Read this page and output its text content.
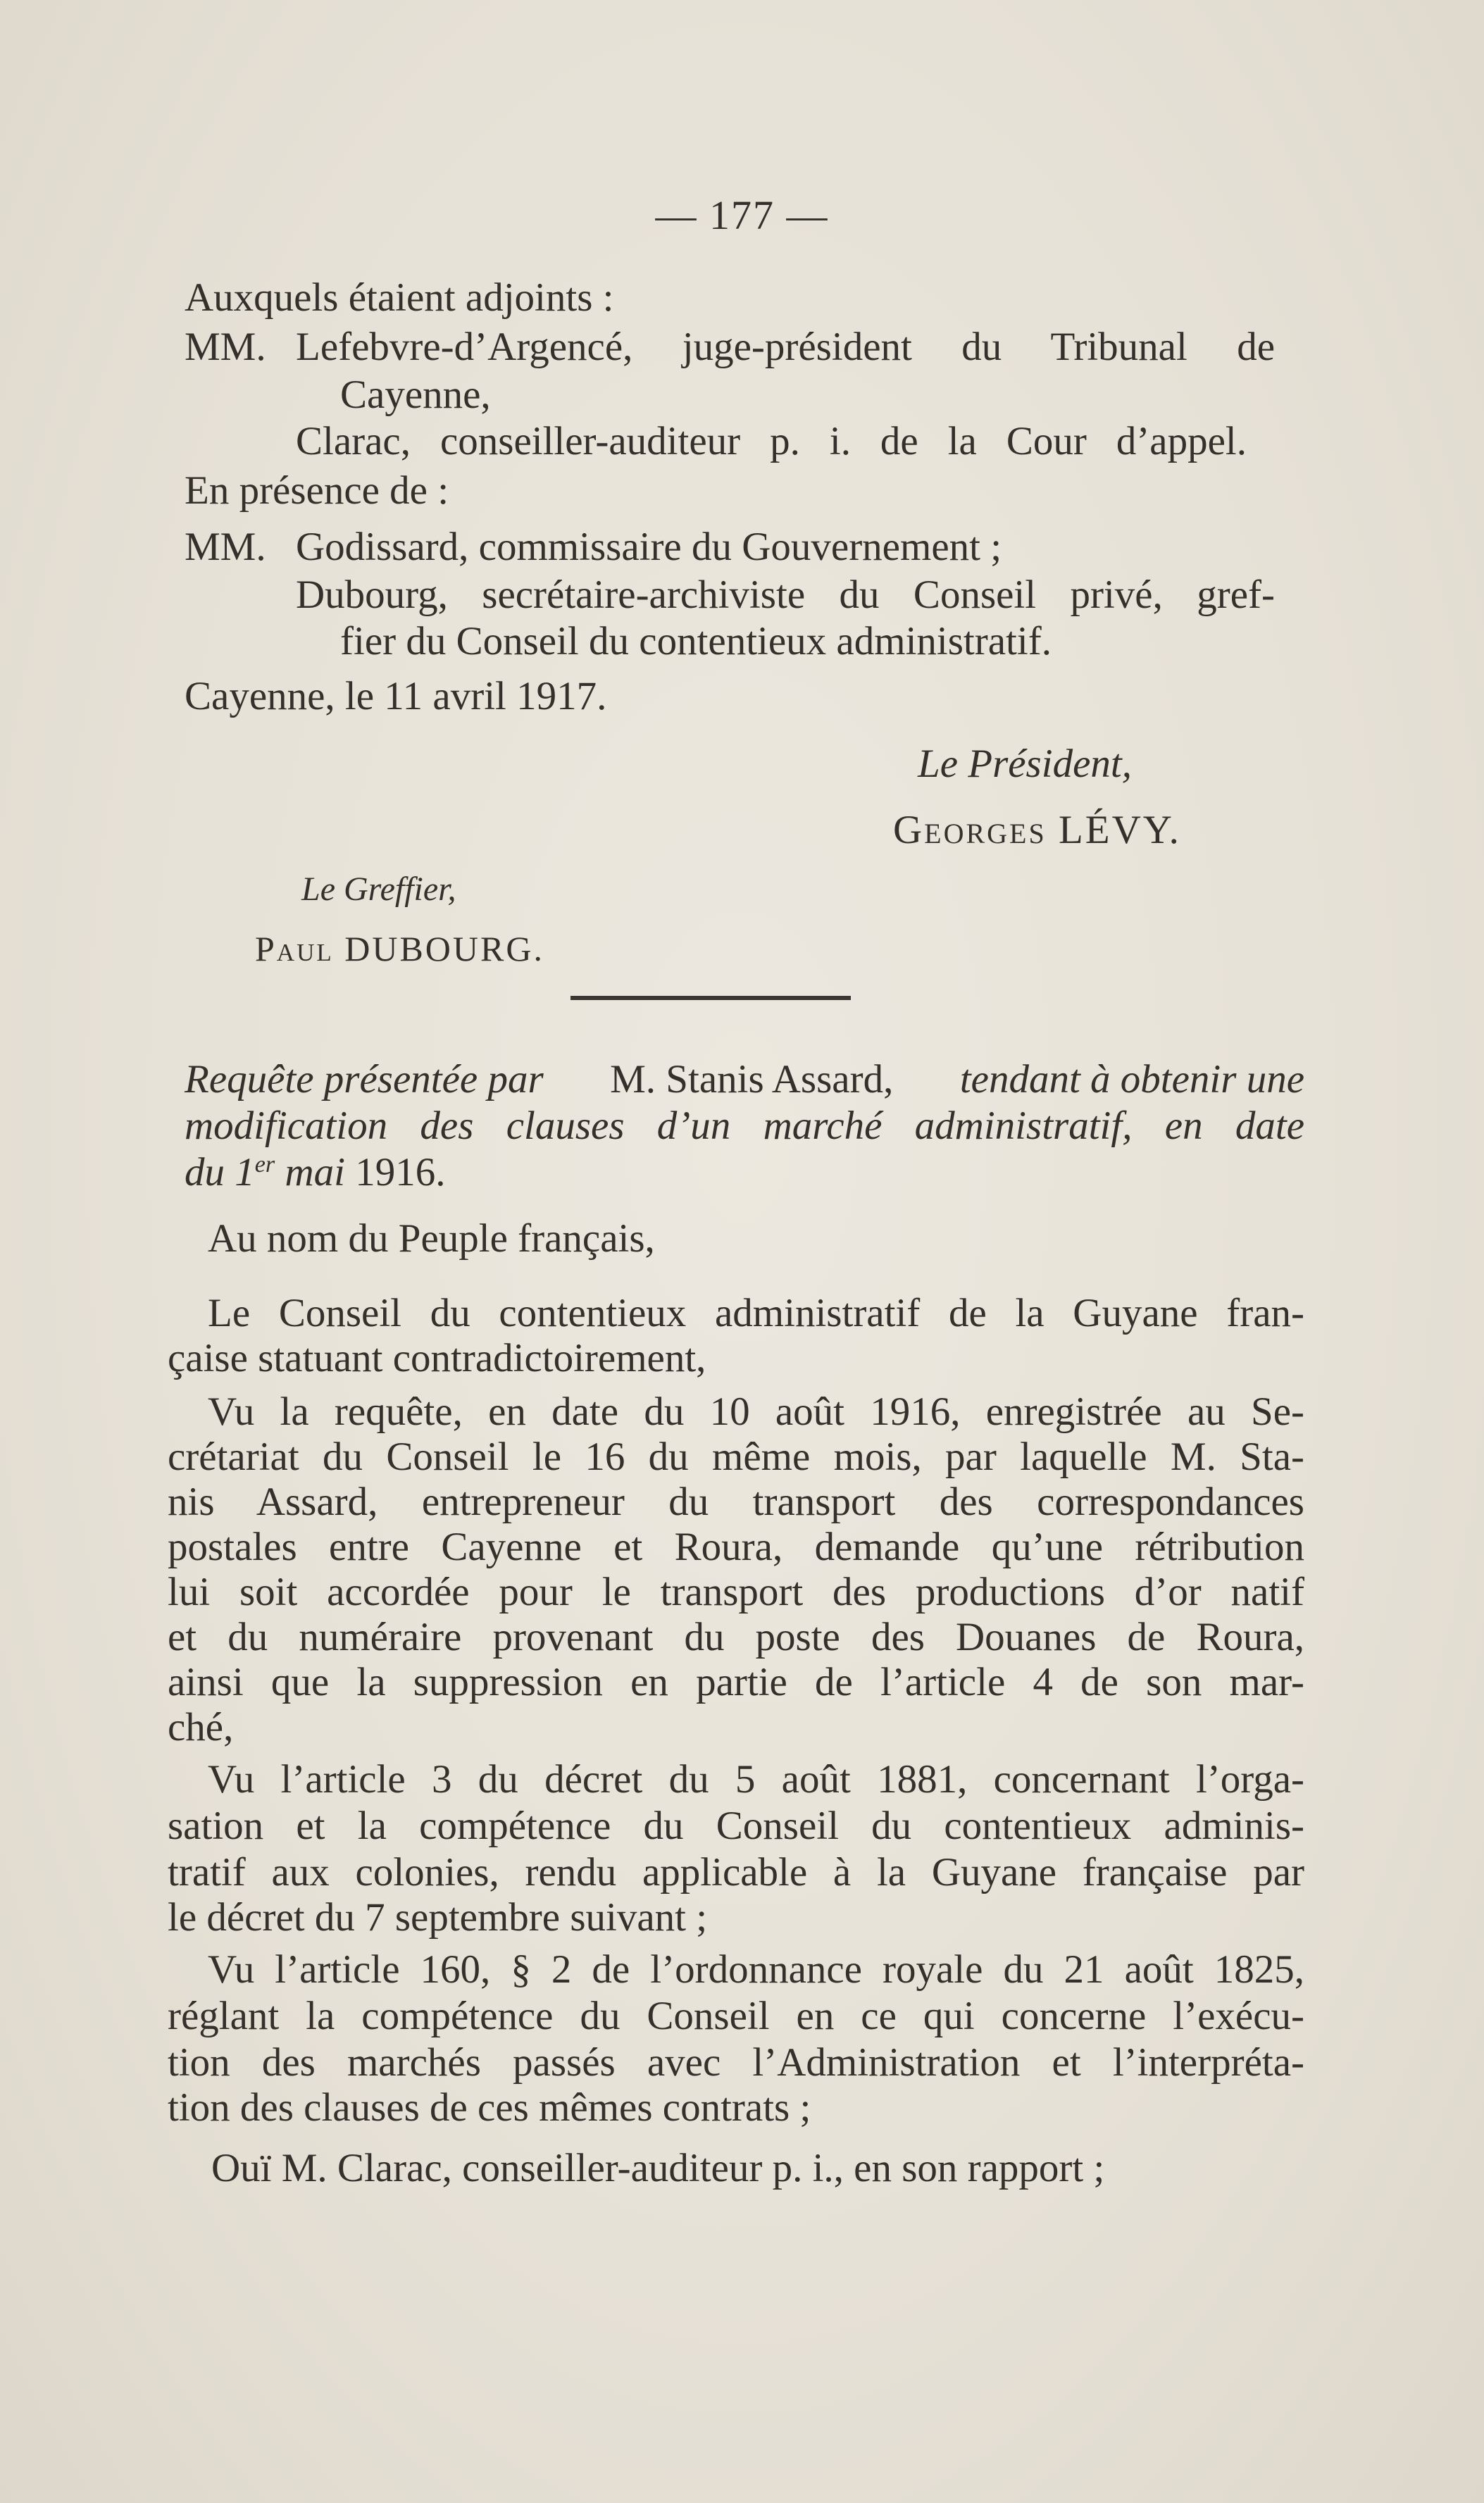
— 177 —
Auxquels étaient adjoints :
MM. Lefebvre-d’Argencé, juge-président du Tribunal de
Cayenne,
Clarac, conseiller-auditeur p. i. de la Cour d’appel.
En présence de :
MM. Godissard, commissaire du Gouvernement ;
Dubourg, secrétaire-archiviste du Conseil privé, gref-
fier du Conseil du contentieux administratif.
Cayenne, le 11 avril 1917.
Le Président,
Georges LÉVY.
Le Greffier,
Paul DUBOURG.
Requête présentée par M. Stanis Assard, tendant à obtenir une
modification des clauses d’un marché administratif, en date
du 1er mai 1916.
Au nom du Peuple français,
Le Conseil du contentieux administratif de la Guyane fran-
çaise statuant contradictoirement,
Vu la requête, en date du 10 août 1916, enregistrée au Se-
crétariat du Conseil le 16 du même mois, par laquelle M. Sta-
nis Assard, entrepreneur du transport des correspondances
postales entre Cayenne et Roura, demande qu’une rétribution
lui soit accordée pour le transport des productions d’or natif
et du numéraire provenant du poste des Douanes de Roura,
ainsi que la suppression en partie de l’article 4 de son mar-
ché,
Vu l’article 3 du décret du 5 août 1881, concernant l’orga-
sation et la compétence du Conseil du contentieux adminis-
tratif aux colonies, rendu applicable à la Guyane française par
le décret du 7 septembre suivant ;
Vu l’article 160, § 2 de l’ordonnance royale du 21 août 1825,
réglant la compétence du Conseil en ce qui concerne l’exécu-
tion des marchés passés avec l’Administration et l’interpréta-
tion des clauses de ces mêmes contrats ;
Ouï M. Clarac, conseiller-auditeur p. i., en son rapport ;
